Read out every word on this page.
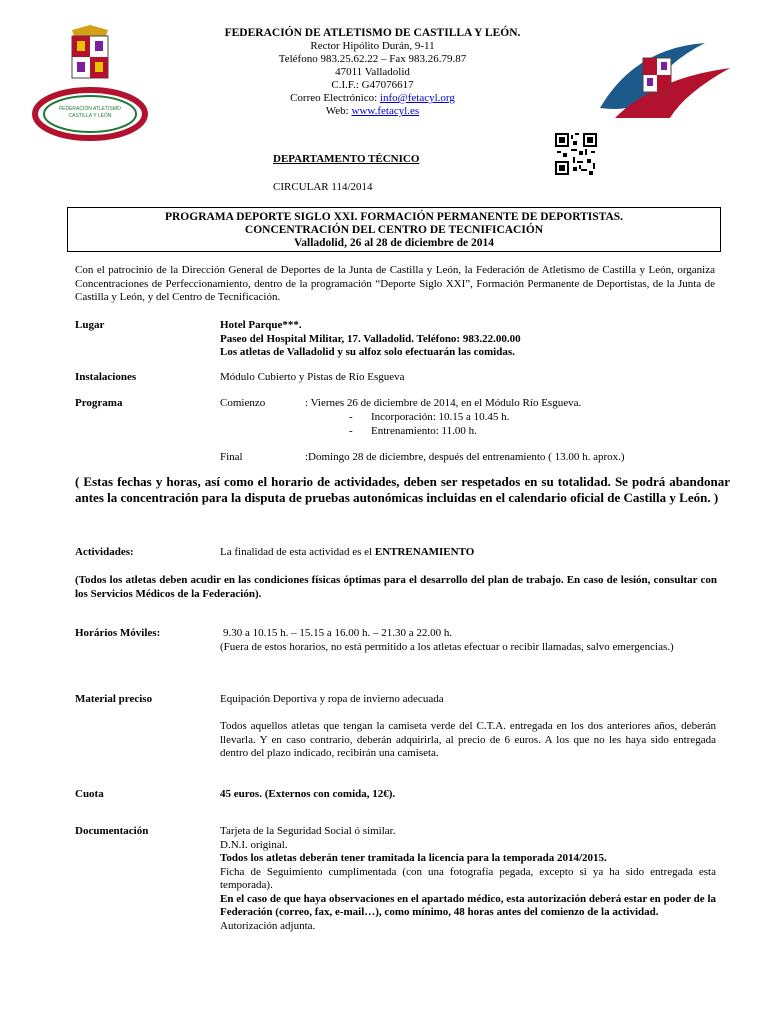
FEDERACIÓN ATLETISMO
CASTILLA Y LEÓN
FEDERACIÓN DE ATLETISMO DE CASTILLA Y LEÓN.
Rector Hipólito Durán, 9-11
Teléfono 983.25.62.22 – Fax 983.26.79.87
47011 Valladolid
C.I.F.: G47076617
Correo Electrónico: info@fetacyl.org
Web: www.fetacyl.es
DEPARTAMENTO TÉCNICO
CIRCULAR 114/2014
PROGRAMA DEPORTE SIGLO XXI. FORMACIÓN PERMANENTE DE DEPORTISTAS.
CONCENTRACIÓN DEL CENTRO DE TECNIFICACIÓN
Valladolid, 26 al 28 de diciembre de 2014
Con el patrocinio de la Dirección General de Deportes de la Junta de Castilla y León, la Federación de Atletismo de Castilla y León, organiza Concentraciones de Perfeccionamiento, dentro de la programación “Deporte Siglo XXI”, Formación Permanente de Deportistas, de la Junta de Castilla y León, y del Centro de Tecnificación.
Lugar	Hotel Parque***.
Paseo del Hospital Militar, 17. Valladolid. Teléfono: 983.22.00.00
Los atletas de Valladolid y su alfoz solo efectuarán las comidas.
Instalaciones	Módulo Cubierto y Pistas de Río Esgueva
Programa	Comienzo	: Viernes 26 de diciembre de 2014, en el Módulo Río Esgueva.
- Incorporación: 10.15 a 10.45 h.
- Entrenamiento: 11.00 h.
Final	:Domingo 28 de diciembre, después del entrenamiento ( 13.00 h. aprox.)
( Estas fechas y horas, así como el horario de actividades, deben ser respetados en su totalidad. Se podrá abandonar antes la concentración para la disputa de pruebas autonómicas incluidas en el calendario oficial de Castilla y León. )
Actividades:	La finalidad de esta actividad es el ENTRENAMIENTO
(Todos los atletas deben acudir en las condiciones físicas óptimas para el desarrollo del plan de trabajo. En caso de lesión, consultar con los Servicios Médicos de la Federación).
Horários Móviles:	9.30 a 10.15 h. – 15.15 a 16.00 h. – 21.30 a 22.00 h.
(Fuera de estos horarios, no está permitido a los atletas efectuar o recibir llamadas, salvo emergencias.)
Material preciso	Equipación Deportiva y ropa de invierno adecuada
Todos aquellos atletas que tengan la camiseta verde del C.T.A. entregada en los dos anteriores años, deberán llevarla. Y en caso contrario, deberán adquirirla, al precio de 6 euros. A los que no les haya sido entregada dentro del plazo indicado, recibirán una camiseta.
Cuota	45 euros. (Externos con comida, 12€).
Documentación	Tarjeta de la Seguridad Social ó similar.
D.N.I. original.
Todos los atletas deberán tener tramitada la licencia para la temporada 2014/2015.
Ficha de Seguimiento cumplimentada (con una fotografía pegada, excepto si ya ha sido entregada esta temporada).
En el caso de que haya observaciones en el apartado médico, esta autorización deberá estar en poder de la Federación (correo, fax, e-mail…), como mínimo, 48 horas antes del comienzo de la actividad.
Autorización adjunta.
